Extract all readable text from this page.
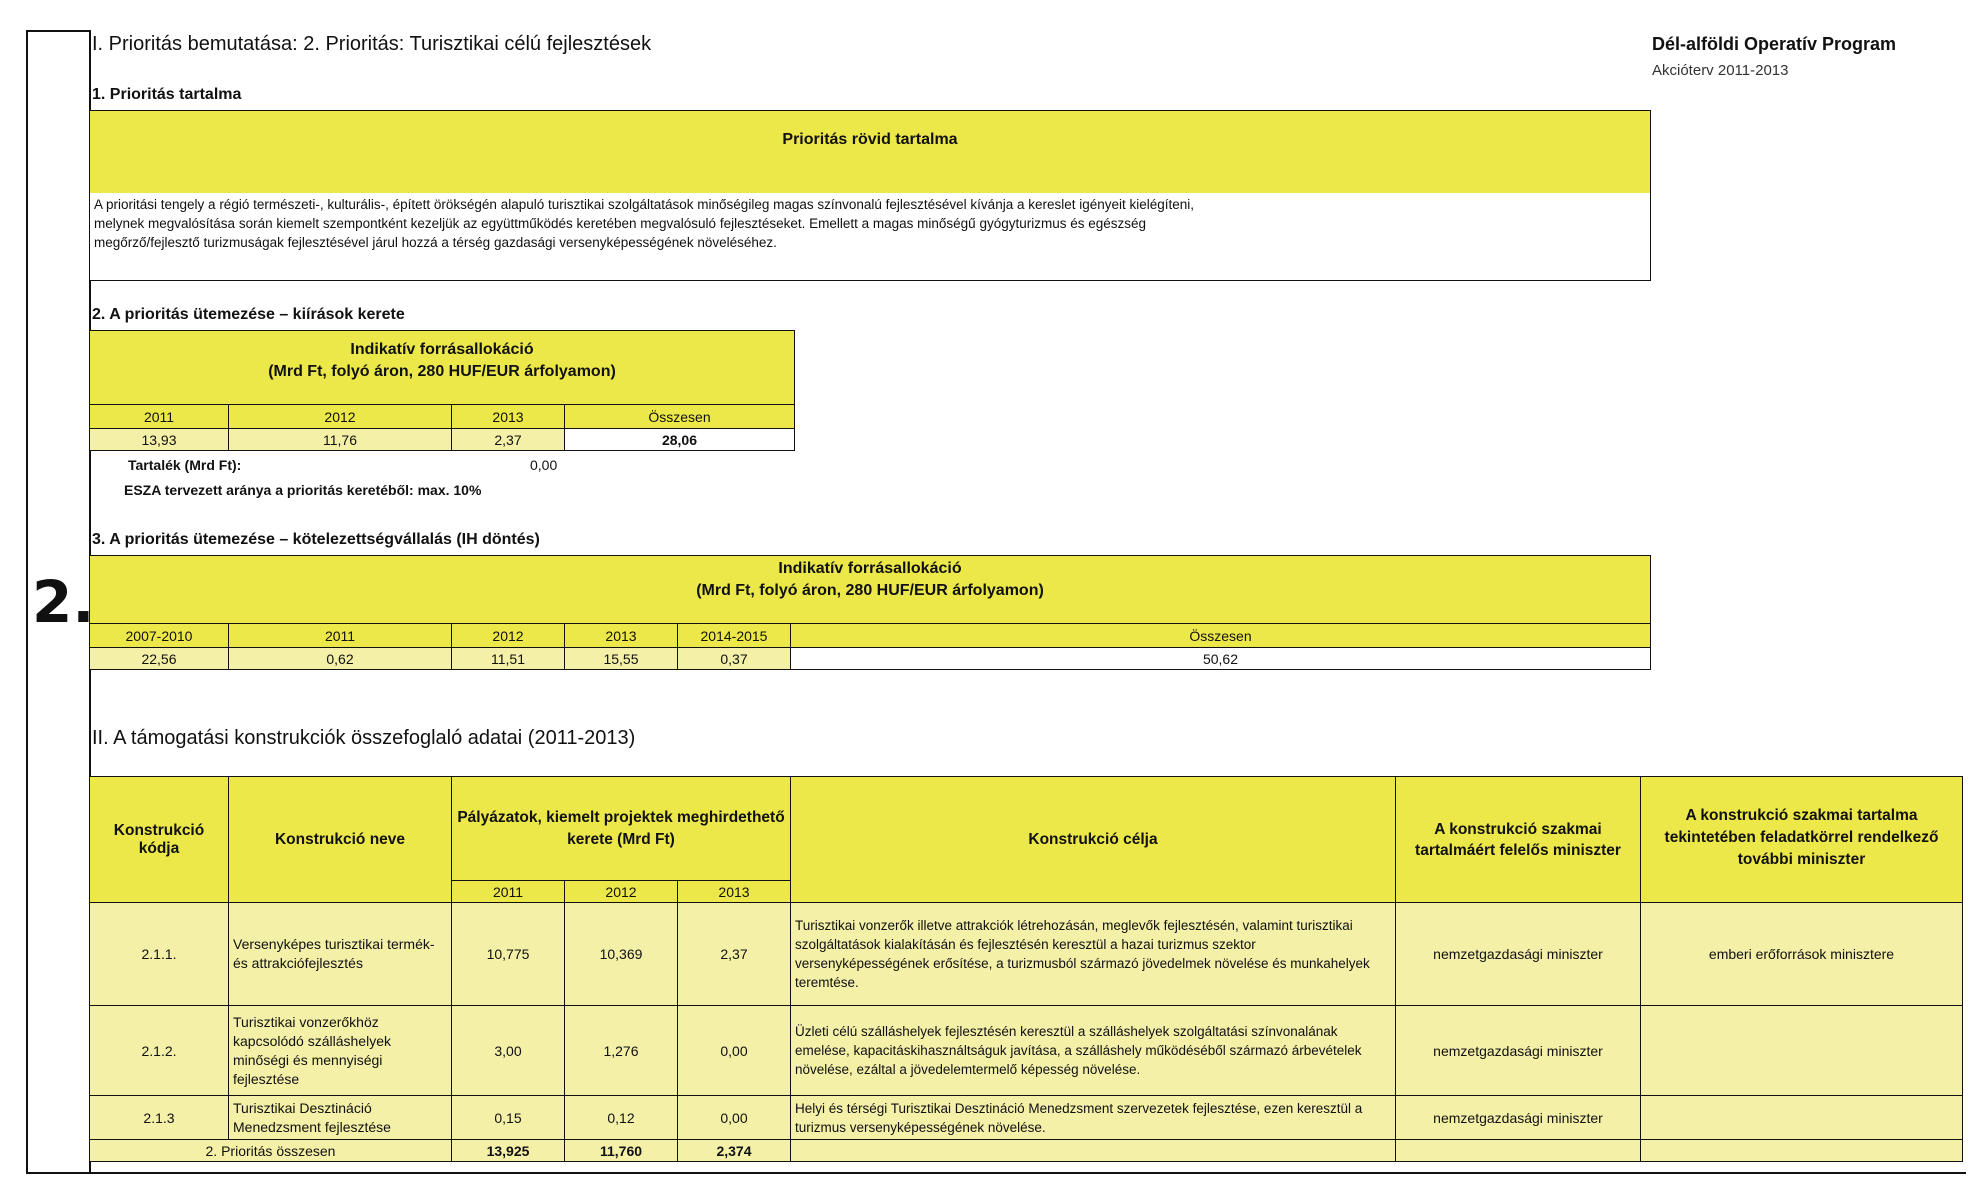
2.
I. Prioritás bemutatása: 2. Prioritás: Turisztikai célú fejlesztések	Dél-alföldi Operatív Program
Akcióterv 2011-2013
1. Prioritás tartalma
Prioritás rövid tartalma
A prioritási tengely a régió természeti-, kulturális-, épített örökségén alapuló turisztikai szolgáltatások minőségileg magas színvonalú fejlesztésével kívánja a kereslet igényeit kielégíteni,
melynek megvalósítása során kiemelt szempontként kezeljük az együttműködés keretében megvalósuló fejlesztéseket. Emellett a magas minőségű gyógyturizmus és egészség
megőrző/fejlesztő turizmuságak fejlesztésével járul hozzá a térség gazdasági versenyképességének növeléséhez.
2. A prioritás ütemezése – kiírások kerete
Indikatív forrásallokáció
(Mrd Ft, folyó áron, 280 HUF/EUR árfolyamon)			

2011	2012	2013	Összesen
13,93	11,76	2,37	28,06
Tartalék (Mrd Ft):	0,00
ESZA tervezett aránya a prioritás keretéből: max. 10%
3. A prioritás ütemezése – kötelezettségvállalás (IH döntés)
Indikatív forrásallokáció
(Mrd Ft, folyó áron, 280 HUF/EUR árfolyamon)					

2007-2010	2011	2012	2013	2014-2015	Összesen
22,56	0,62	11,51	15,55	0,37	50,62
II. A támogatási konstrukciók összefoglaló adatai (2011-2013)
Konstrukció kódja	Konstrukció neve	Pályázatok, kiemelt projektek meghirdethető kerete (Mrd Ft)			Konstrukció célja	A konstrukció szakmai tartalmáért felelős miniszter	A konstrukció szakmai tartalma tekintetében feladatkörrel rendelkező további miniszter
		2011	2012	2013			
2.1.1.	Versenyképes turisztikai termék- és attrakciófejlesztés	10,775	10,369	2,37	Turisztikai vonzerők illetve attrakciók létrehozásán, meglevők fejlesztésén, valamint turisztikai szolgáltatások kialakításán és fejlesztésén keresztül a hazai turizmus szektor versenyképességének erősítése, a turizmusból származó jövedelmek növelése és munkahelyek teremtése.	nemzetgazdasági miniszter	emberi erőforrások minisztere
2.1.2.	Turisztikai vonzerőkhöz kapcsolódó szálláshelyek minőségi és mennyiségi fejlesztése	3,00	1,276	0,00	Üzleti célú szálláshelyek fejlesztésén keresztül a szálláshelyek szolgáltatási színvonalának emelése, kapacitáskihasználtságuk javítása, a szálláshely működéséből származó árbevételek növelése, ezáltal a jövedelemtermelő képesség növelése.	nemzetgazdasági miniszter	
2.1.3	Turisztikai Desztináció Menedzsment fejlesztése	0,15	0,12	0,00	Helyi és térségi Turisztikai Desztináció Menedzsment szervezetek fejlesztése, ezen keresztül a turizmus versenyképességének növelése.	nemzetgazdasági miniszter	
2. Prioritás összesen		13,925	11,760	2,374			
